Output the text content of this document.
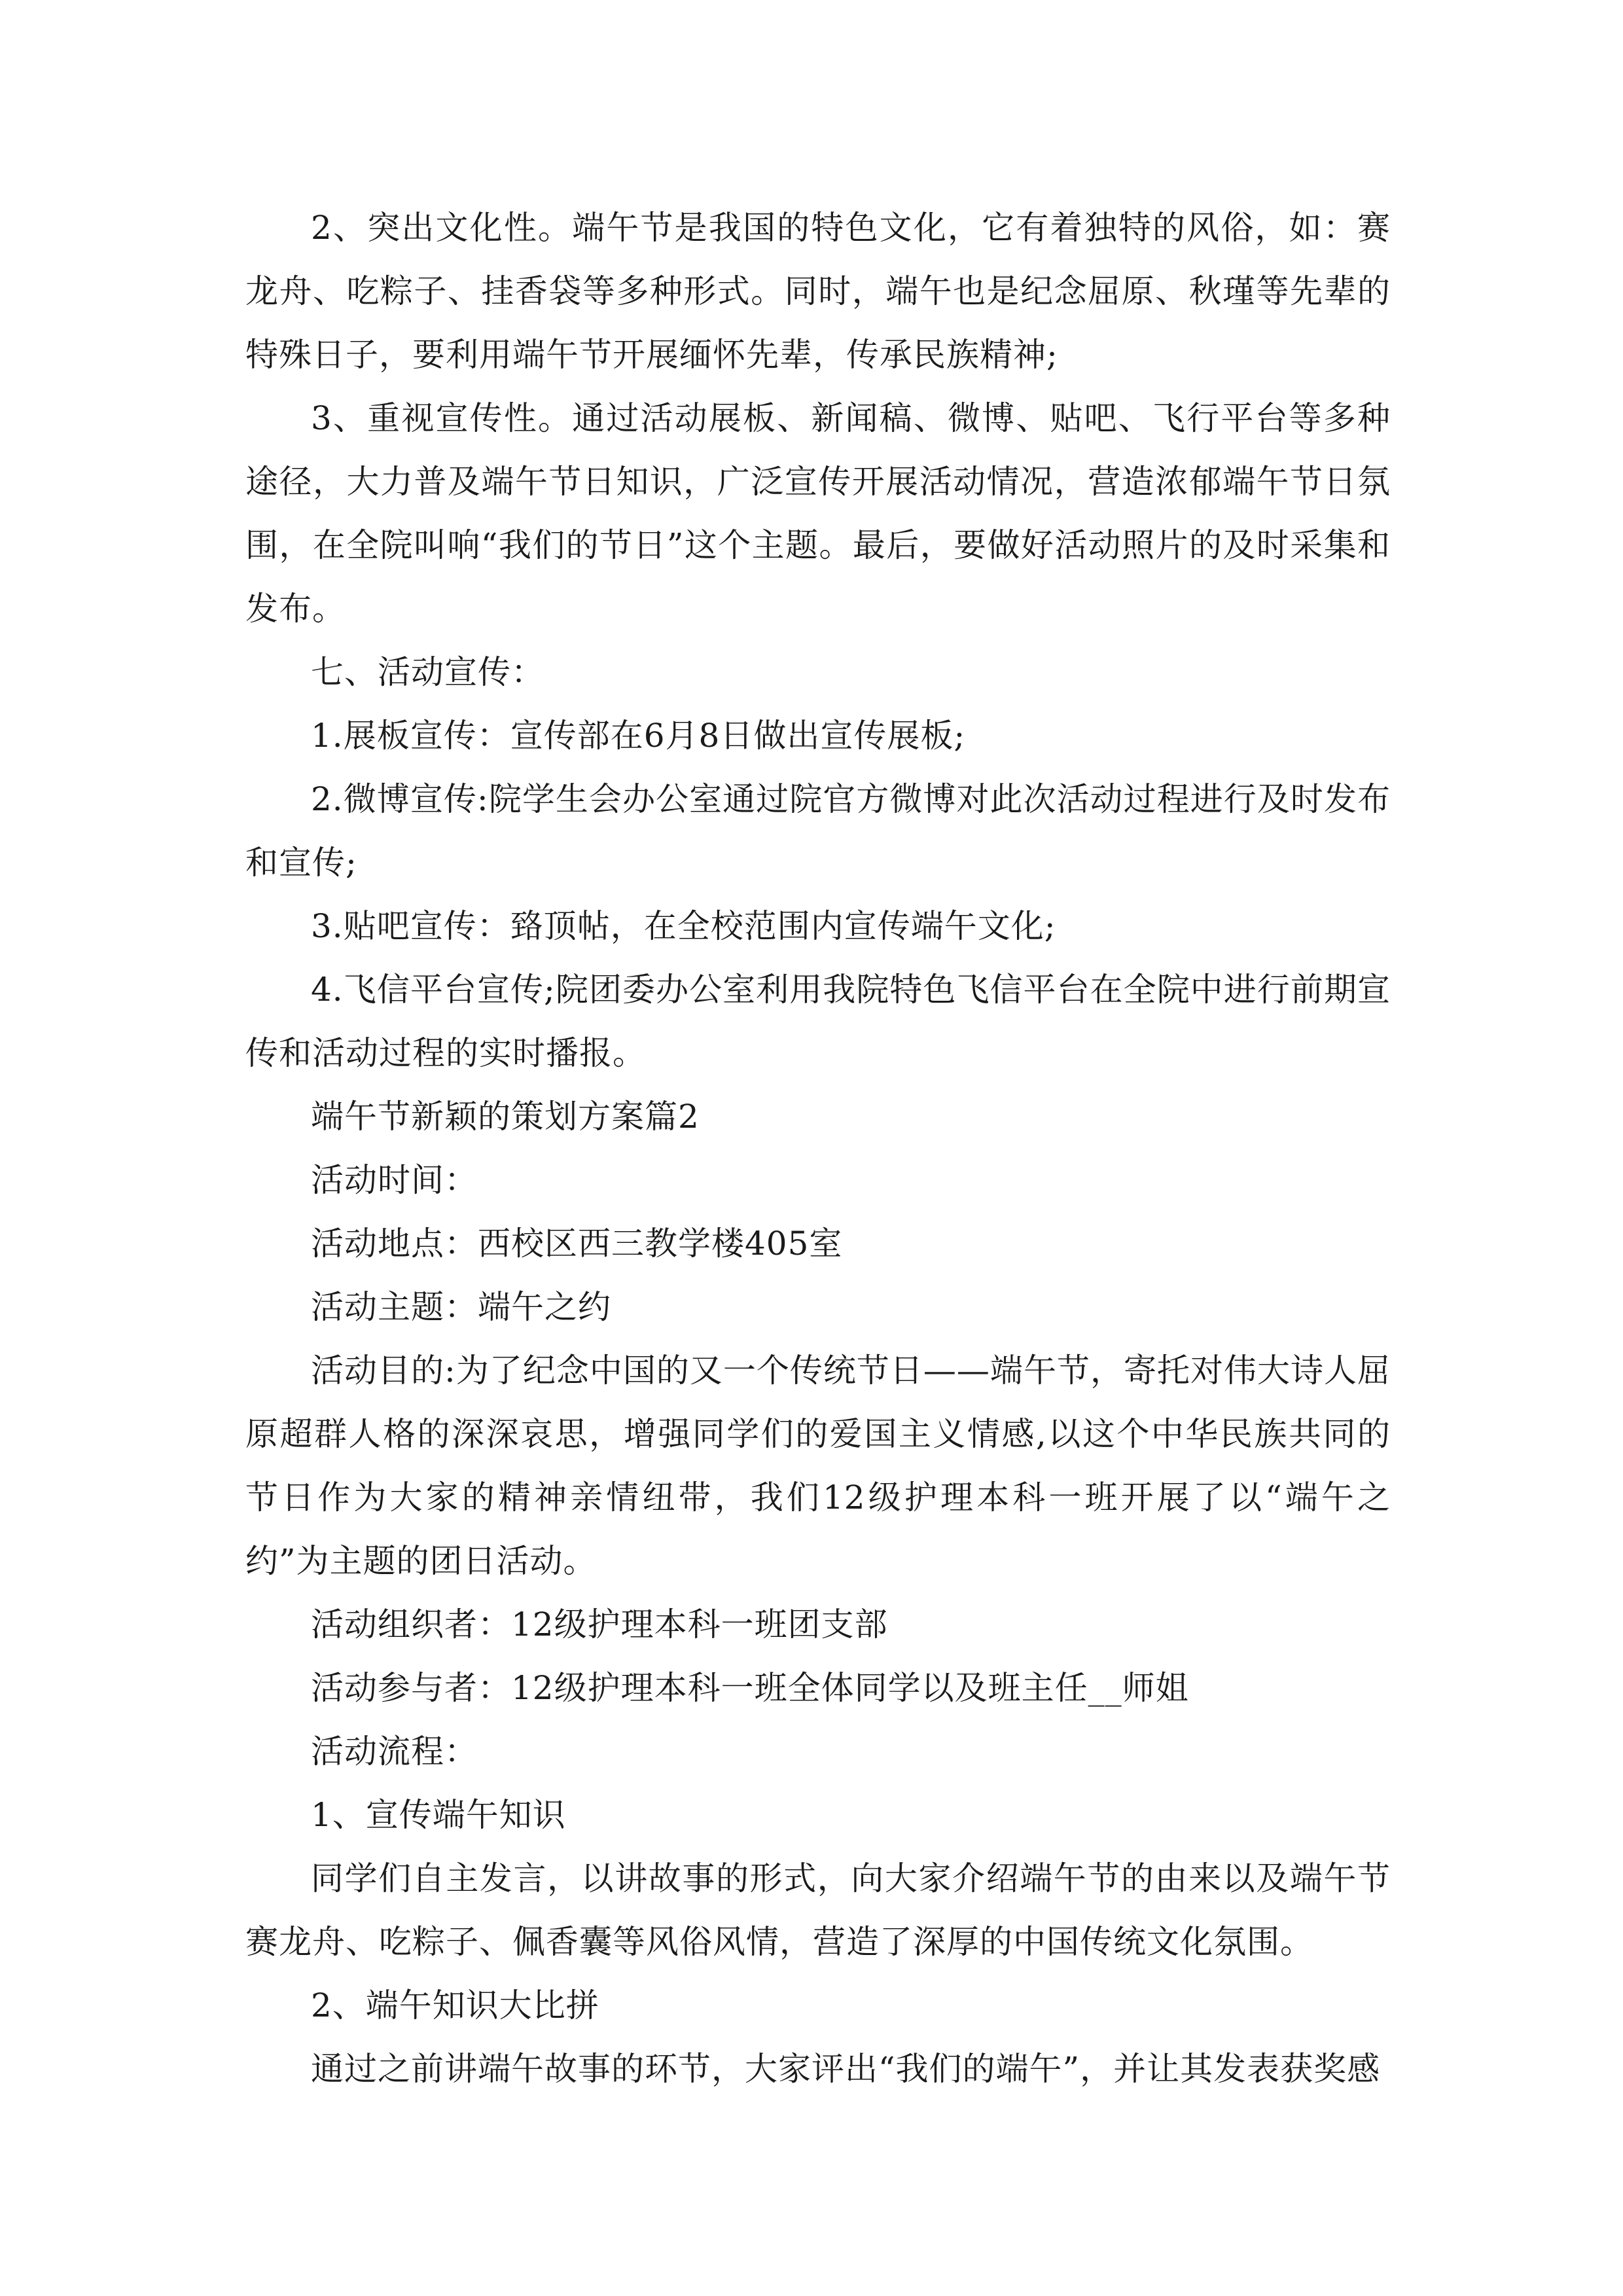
2、突出文化性。端午节是我国的特色文化，它有着独特的风俗，如：赛龙舟、吃粽子、挂香袋等多种形式。同时，端午也是纪念屈原、秋瑾等先辈的特殊日子，要利用端午节开展缅怀先辈，传承民族精神;

3、重视宣传性。通过活动展板、新闻稿、微博、贴吧、飞行平台等多种途径，大力普及端午节日知识，广泛宣传开展活动情况，营造浓郁端午节日氛围，在全院叫响“我们的节日”这个主题。最后，要做好活动照片的及时采集和发布。

七、活动宣传：

1.展板宣传：宣传部在6月8日做出宣传展板;

2.微博宣传:院学生会办公室通过院官方微博对此次活动过程进行及时发布和宣传;

3.贴吧宣传：臵顶帖，在全校范围内宣传端午文化;

4.飞信平台宣传;院团委办公室利用我院特色飞信平台在全院中进行前期宣传和活动过程的实时播报。

端午节新颖的策划方案篇2

活动时间：

活动地点：西校区西三教学楼405室

活动主题：端午之约

活动目的:为了纪念中国的又一个传统节日——端午节，寄托对伟大诗人屈原超群人格的深深哀思，增强同学们的爱国主义情感,以这个中华民族共同的节日作为大家的精神亲情纽带，我们12级护理本科一班开展了以“端午之约”为主题的团日活动。

活动组织者：12级护理本科一班团支部

活动参与者：12级护理本科一班全体同学以及班主任__师姐

活动流程：

1、宣传端午知识

同学们自主发言，以讲故事的形式，向大家介绍端午节的由来以及端午节赛龙舟、吃粽子、佩香囊等风俗风情，营造了深厚的中国传统文化氛围。

2、端午知识大比拼

通过之前讲端午故事的环节，大家评出“我们的端午”，并让其发表获奖感
